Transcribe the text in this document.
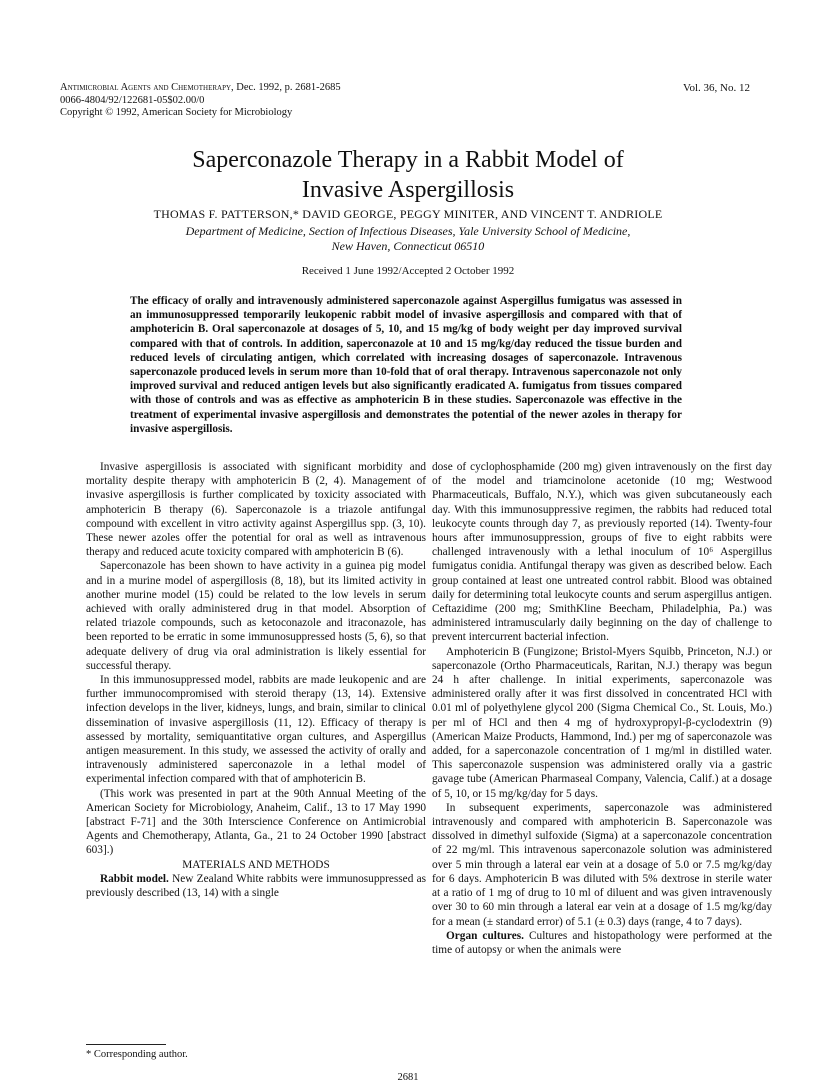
Antimicrobial Agents and Chemotherapy, Dec. 1992, p. 2681-2685
0066-4804/92/122681-05$02.00/0
Copyright © 1992, American Society for Microbiology
Vol. 36, No. 12
Saperconazole Therapy in a Rabbit Model of
Invasive Aspergillosis
THOMAS F. PATTERSON,* DAVID GEORGE, PEGGY MINITER, AND VINCENT T. ANDRIOLE
Department of Medicine, Section of Infectious Diseases, Yale University School of Medicine,
New Haven, Connecticut 06510
Received 1 June 1992/Accepted 2 October 1992
The efficacy of orally and intravenously administered saperconazole against Aspergillus fumigatus was assessed in an immunosuppressed temporarily leukopenic rabbit model of invasive aspergillosis and compared with that of amphotericin B. Oral saperconazole at dosages of 5, 10, and 15 mg/kg of body weight per day improved survival compared with that of controls. In addition, saperconazole at 10 and 15 mg/kg/day reduced the tissue burden and reduced levels of circulating antigen, which correlated with increasing dosages of saperconazole. Intravenous saperconazole produced levels in serum more than 10-fold that of oral therapy. Intravenous saperconazole not only improved survival and reduced antigen levels but also significantly eradicated A. fumigatus from tissues compared with those of controls and was as effective as amphotericin B in these studies. Saperconazole was effective in the treatment of experimental invasive aspergillosis and demonstrates the potential of the newer azoles in therapy for invasive aspergillosis.

Invasive aspergillosis is associated with significant morbidity and mortality despite therapy with amphotericin B (2, 4). Management of invasive aspergillosis is further complicated by toxicity associated with amphotericin B therapy (6). Saperconazole is a triazole antifungal compound with excellent in vitro activity against Aspergillus spp. (3, 10). These newer azoles offer the potential for oral as well as intravenous therapy and reduced acute toxicity compared with amphotericin B (6).

Saperconazole has been shown to have activity in a guinea pig model and in a murine model of aspergillosis (8, 18), but its limited activity in another murine model (15) could be related to the low levels in serum achieved with orally administered drug in that model. Absorption of related triazole compounds, such as ketoconazole and itraconazole, has been reported to be erratic in some immunosuppressed hosts (5, 6), so that adequate delivery of drug via oral administration is likely essential for successful therapy.

In this immunosuppressed model, rabbits are made leukopenic and are further immunocompromised with steroid therapy (13, 14). Extensive infection develops in the liver, kidneys, lungs, and brain, similar to clinical dissemination of invasive aspergillosis (11, 12). Efficacy of therapy is assessed by mortality, semiquantitative organ cultures, and Aspergillus antigen measurement. In this study, we assessed the activity of orally and intravenously administered saperconazole in a lethal model of experimental infection compared with that of amphotericin B.

(This work was presented in part at the 90th Annual Meeting of the American Society for Microbiology, Anaheim, Calif., 13 to 17 May 1990 [abstract F-71] and the 30th Interscience Conference on Antimicrobial Agents and Chemotherapy, Atlanta, Ga., 21 to 24 October 1990 [abstract 603].)

MATERIALS AND METHODS

Rabbit model. New Zealand White rabbits were immunosuppressed as previously described (13, 14) with a single

dose of cyclophosphamide (200 mg) given intravenously on the first day of the model and triamcinolone acetonide (10 mg; Westwood Pharmaceuticals, Buffalo, N.Y.), which was given subcutaneously each day. With this immunosuppressive regimen, the rabbits had reduced total leukocyte counts through day 7, as previously reported (14). Twenty-four hours after immunosuppression, groups of five to eight rabbits were challenged intravenously with a lethal inoculum of 10⁶ Aspergillus fumigatus conidia. Antifungal therapy was given as described below. Each group contained at least one untreated control rabbit. Blood was obtained daily for determining total leukocyte counts and serum aspergillus antigen. Ceftazidime (200 mg; SmithKline Beecham, Philadelphia, Pa.) was administered intramuscularly daily beginning on the day of challenge to prevent intercurrent bacterial infection.

Amphotericin B (Fungizone; Bristol-Myers Squibb, Princeton, N.J.) or saperconazole (Ortho Pharmaceuticals, Raritan, N.J.) therapy was begun 24 h after challenge. In initial experiments, saperconazole was administered orally after it was first dissolved in concentrated HCl with 0.01 ml of polyethylene glycol 200 (Sigma Chemical Co., St. Louis, Mo.) per ml of HCl and then 4 mg of hydroxypropyl-β-cyclodextrin (9) (American Maize Products, Hammond, Ind.) per mg of saperconazole was added, for a saperconazole concentration of 1 mg/ml in distilled water. This saperconazole suspension was administered orally via a gastric gavage tube (American Pharmaseal Company, Valencia, Calif.) at a dosage of 5, 10, or 15 mg/kg/day for 5 days.

In subsequent experiments, saperconazole was administered intravenously and compared with amphotericin B. Saperconazole was dissolved in dimethyl sulfoxide (Sigma) at a saperconazole concentration of 22 mg/ml. This intravenous saperconazole solution was administered over 5 min through a lateral ear vein at a dosage of 5.0 or 7.5 mg/kg/day for 6 days. Amphotericin B was diluted with 5% dextrose in sterile water at a ratio of 1 mg of drug to 10 ml of diluent and was given intravenously over 30 to 60 min through a lateral ear vein at a dosage of 1.5 mg/kg/day for a mean (± standard error) of 5.1 (± 0.3) days (range, 4 to 7 days).

Organ cultures. Cultures and histopathology were performed at the time of autopsy or when the animals were

* Corresponding author.
2681
